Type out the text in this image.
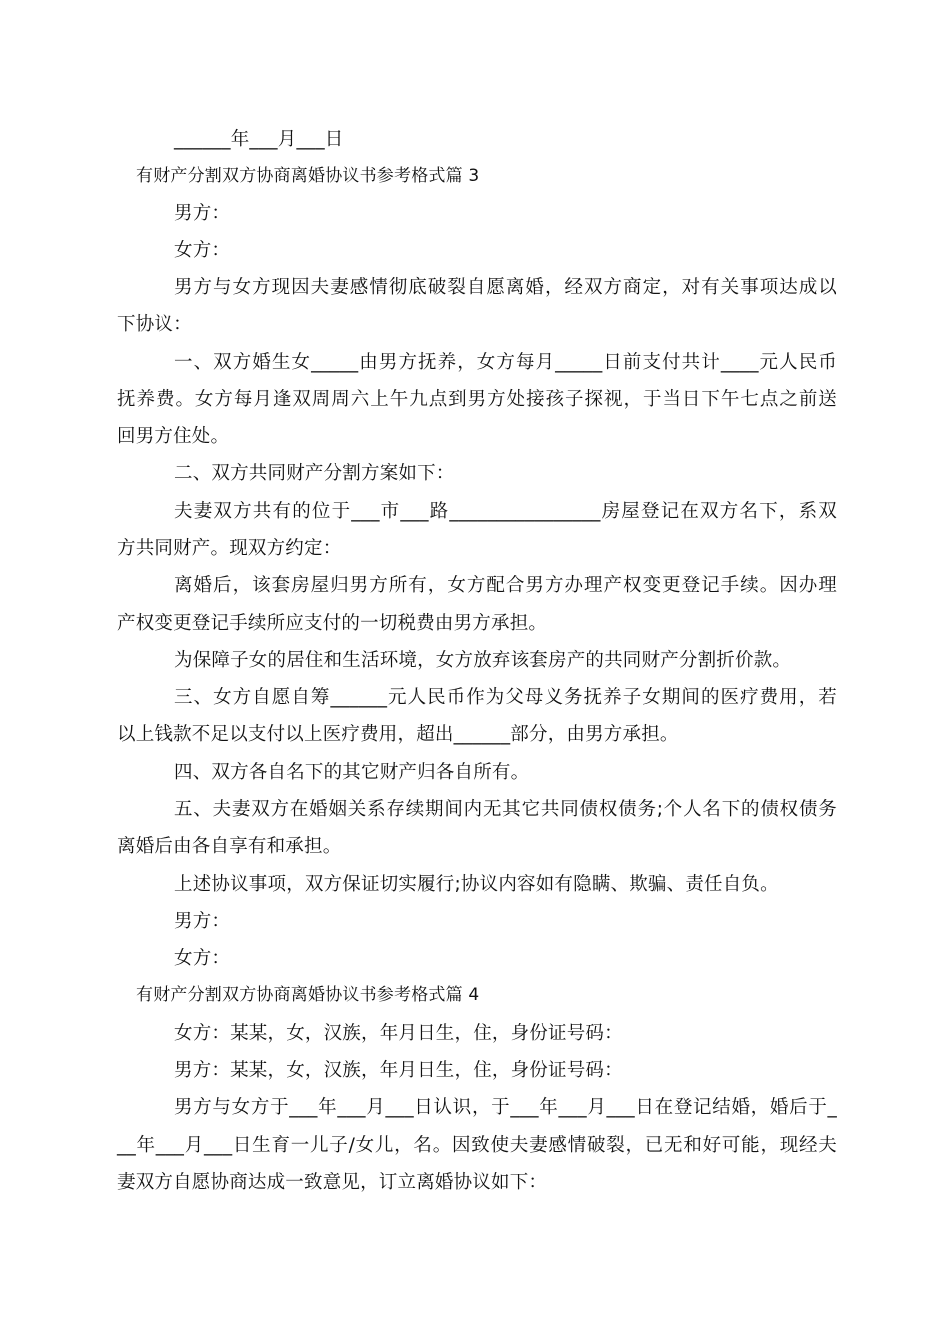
______年___月___日
有财产分割双方协商离婚协议书参考格式篇 3
男方：
女方：
男方与女方现因夫妻感情彻底破裂自愿离婚，经双方商定，对有关事项达成以
下协议：
一、双方婚生女_____由男方抚养，女方每月_____日前支付共计____元人民币
抚养费。女方每月逢双周周六上午九点到男方处接孩子探视，于当日下午七点之前送
回男方住处。
二、双方共同财产分割方案如下：
夫妻双方共有的位于___市___路________________房屋登记在双方名下，系双
方共同财产。现双方约定：
离婚后，该套房屋归男方所有，女方配合男方办理产权变更登记手续。因办理
产权变更登记手续所应支付的一切税费由男方承担。
为保障子女的居住和生活环境，女方放弃该套房产的共同财产分割折价款。
三、女方自愿自筹______元人民币作为父母义务抚养子女期间的医疗费用，若
以上钱款不足以支付以上医疗费用，超出______部分，由男方承担。
四、双方各自名下的其它财产归各自所有。
五、夫妻双方在婚姻关系存续期间内无其它共同债权债务;个人名下的债权债务
离婚后由各自享有和承担。
上述协议事项，双方保证切实履行;协议内容如有隐瞒、欺骗、责任自负。
男方：
女方：
有财产分割双方协商离婚协议书参考格式篇 4
女方：某某，女，汉族，年月日生，住，身份证号码：
男方：某某，女，汉族，年月日生，住，身份证号码：
男方与女方于___年___月___日认识，于___年___月___日在登记结婚，婚后于_
__年___月___日生育一儿子/女儿，名。因致使夫妻感情破裂，已无和好可能，现经夫
妻双方自愿协商达成一致意见，订立离婚协议如下：
